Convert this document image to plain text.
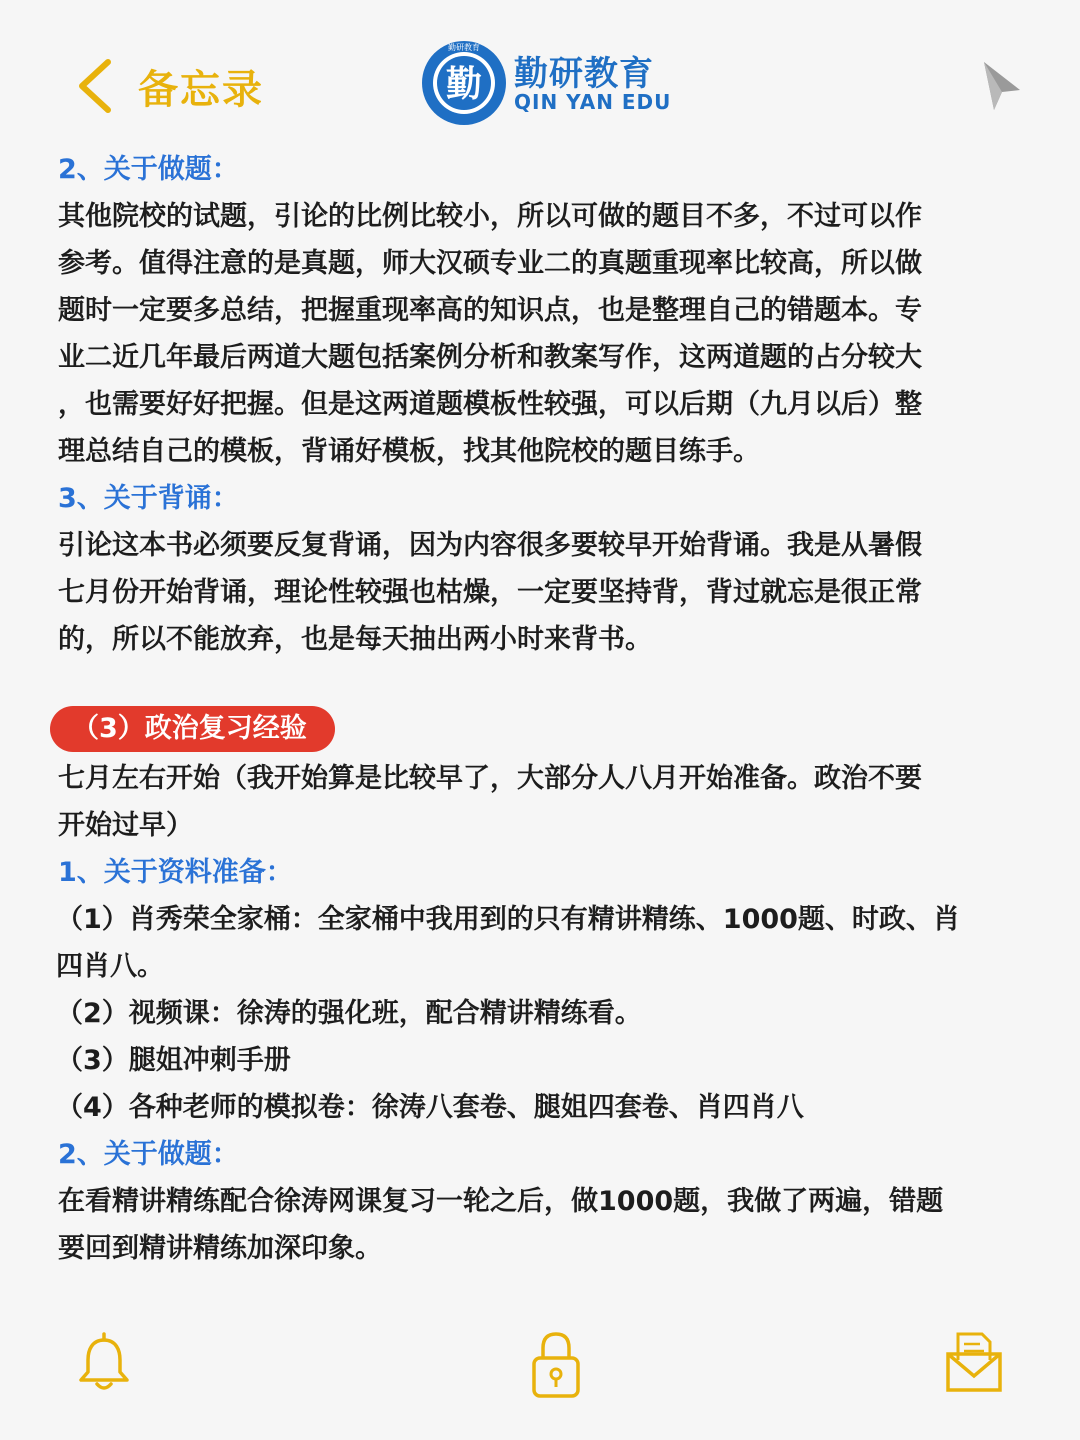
备忘录	勤
勤研教育
勤研教育
QIN YAN EDU
2、关于做题：
其他院校的试题，引论的比例比较小，所以可做的题目不多，不过可以作
参考。值得注意的是真题，师大汉硕专业二的真题重现率比较高，所以做
题时一定要多总结，把握重现率高的知识点，也是整理自己的错题本。专
业二近几年最后两道大题包括案例分析和教案写作，这两道题的占分较大
，也需要好好把握。但是这两道题模板性较强，可以后期（九月以后）整
理总结自己的模板，背诵好模板，找其他院校的题目练手。
3、关于背诵：
引论这本书必须要反复背诵，因为内容很多要较早开始背诵。我是从暑假
七月份开始背诵，理论性较强也枯燥，一定要坚持背，背过就忘是很正常
的，所以不能放弃，也是每天抽出两小时来背书。
（3）政治复习经验
七月左右开始（我开始算是比较早了，大部分人八月开始准备。政治不要
开始过早）
1、关于资料准备：
（1）肖秀荣全家桶：全家桶中我用到的只有精讲精练、1000题、时政、肖
四肖八。
（2）视频课：徐涛的强化班，配合精讲精练看。
（3）腿姐冲刺手册
（4）各种老师的模拟卷：徐涛八套卷、腿姐四套卷、肖四肖八
2、关于做题：
在看精讲精练配合徐涛网课复习一轮之后，做1000题，我做了两遍，错题
要回到精讲精练加深印象。
